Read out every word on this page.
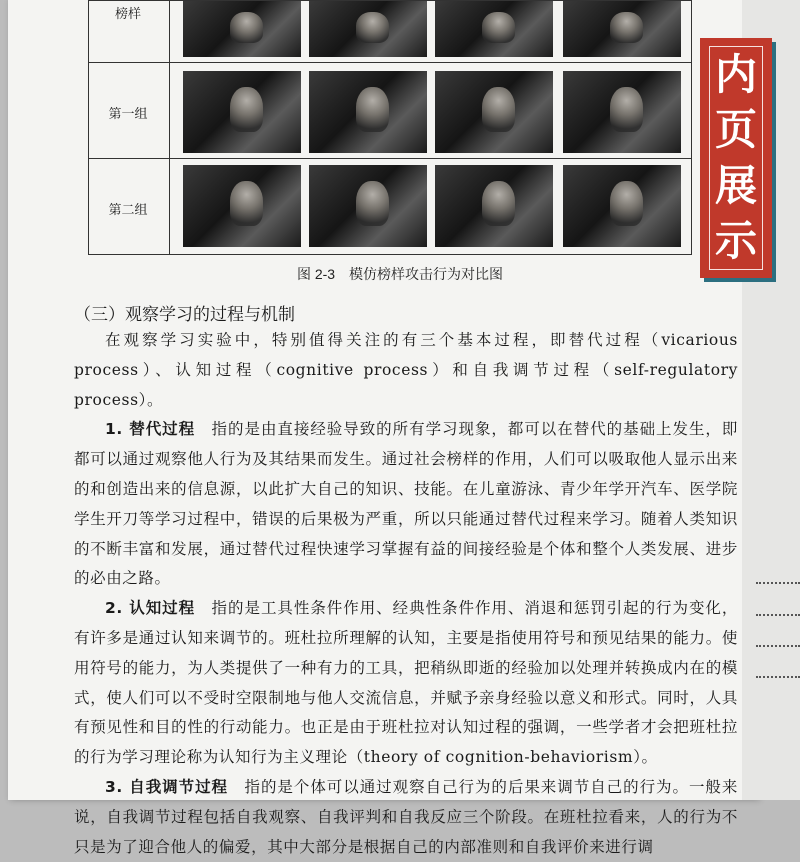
榜样
第一组
第二组
图 2-3　模仿榜样攻击行为对比图
（三）观察学习的过程与机制

在观察学习实验中，特别值得关注的有三个基本过程，即替代过程（vicarious process）、认知过程（cognitive process）和自我调节过程（self-regulatory process）。

1. 替代过程　指的是由直接经验导致的所有学习现象，都可以在替代的基础上发生，即都可以通过观察他人行为及其结果而发生。通过社会榜样的作用，人们可以吸取他人显示出来的和创造出来的信息源，以此扩大自己的知识、技能。在儿童游泳、青少年学开汽车、医学院学生开刀等学习过程中，错误的后果极为严重，所以只能通过替代过程来学习。随着人类知识的不断丰富和发展，通过替代过程快速学习掌握有益的间接经验是个体和整个人类发展、进步的必由之路。

2. 认知过程　指的是工具性条件作用、经典性条件作用、消退和惩罚引起的行为变化，有许多是通过认知来调节的。班杜拉所理解的认知，主要是指使用符号和预见结果的能力。使用符号的能力，为人类提供了一种有力的工具，把稍纵即逝的经验加以处理并转换成内在的模式，使人们可以不受时空限制地与他人交流信息，并赋予亲身经验以意义和形式。同时，人具有预见性和目的性的行动能力。也正是由于班杜拉对认知过程的强调，一些学者才会把班杜拉的行为学习理论称为认知行为主义理论（theory of cognition-behaviorism）。

3. 自我调节过程　指的是个体可以通过观察自己行为的后果来调节自己的行为。一般来说，自我调节过程包括自我观察、自我评判和自我反应三个阶段。在班杜拉看来，人的行为不只是为了迎合他人的偏爱，其中大部分是根据自己的内部准则和自我评价来进行调

内
页
展
示
